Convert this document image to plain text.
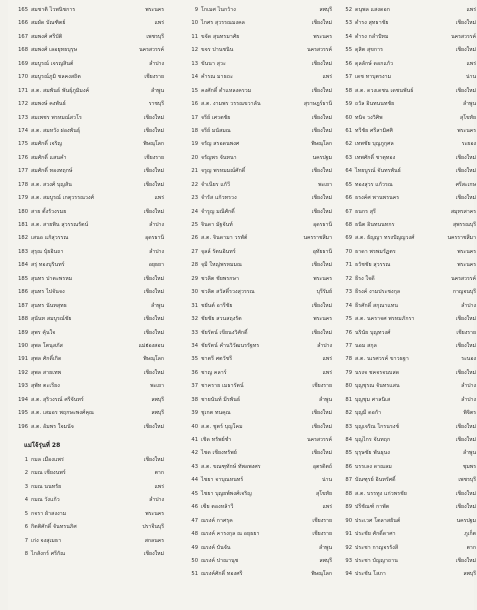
165 สมชาติ ไวพนิชการ	พระนคร
166 สมผัด บัณฑิตย์	แพร่
167 สมพงศ์ ศรีบัติ	เพชรบุรี
168 สมพงศ์ เลอยุทธบุรุษ	นครสวรรค์
169 สมบูรณ์ เจรญสินต์	ลำปาง
170 สมบูรณ์ภูมิ ชลคงสถิต	เชียงราย
171 ส.ต. สมพันธ์ พันธุ์ภูมิมงค์	ลำพูน
172 สมพงษ์ คงพันธ์	ราชบุรี
173 สมเพชร พรหมณ์สวโร	เชียงใหม่
174 ส.ต. สมหวัง ผ่องพันธุ์	เชียงใหม่
175 สมศักดิ์ เจริญ	พิษณุโลก
176 สมศักดิ์ แสนคำ	เชียงราย
177 สมศักดิ์ ทองทฤกษ์	เชียงใหม่
178 ส.ต. สวงศ์ บุญสัน	เชียงใหม่
179 ส.ต. สมบูรณ์ เกตุวรรณวงศ์	แพร่
180 สาย ตั้งรัวงรมย	เชียงใหม่
181 ส.ต. สายพิน สุวรรณรัตน์	ลำปาง
182 เสนอ แก้สุวรรณ	อุดรธานี
183 สุรุณ บุ้ยอินถา	ลำปาง
184 สรุ่ ทองบุรินทร์	อยุธยา
185 สุนทร ปาตะพรหม	เชียงใหม่
186 สุนทร ไปจันจง	เชียงใหม่
187 สุนทร นันทสุทธ	ลำพูน
188 สุนันท สมบูรณ์ชัย	เชียงใหม่
189 สุพร คุ้นใจ	เชียงใหม่
190 สุพล โตนุสภัส	แม่ฮ่องสอน
191 สุพล ศักดิ์เกิด	พิษณุโลก
192 สุพล สายเทพ	เชียงใหม่
193 สุพัท ตะเรียง	พะเยา
194 ส.ต. สุริวงรณ์ ศรีจันทร์	ลพบุรี
195 ส.ต. เสมอร พฤกษะพงศ์คุณ	ลพบุรี
196 ส.ต. อัมพร ใจมนัจ	เชียงใหม่
แม่โจ้รุ่นที่ 28
1 กมล เมืองแพร่	เชียงใหม่
2 กมณ เชียงนพร์	ตาก
3 กมณ นนทรัย	แพร่
4 กมณ วังแก้ว	ลำปาง
5 กจรา ผ้าสงงาม	พระนคร
6 กิตติศักดิ์ จันทรนภิศ	ปราจีนบุรี
7 เก่ง จงสุเมธา	สกลนคร
8 ไกสังกร์ ศรีกัณ	เชียงใหม่
9 โกเมศ ไนกว้าง	ลพบุรี
10 ไกศร สุวรรณมงคล	เชียงใหม่
11 ขจัด สุนทรมาศัย	พระนคร
12 ขจร ปานชนิน	นครสวรรค์
13 ขันนา สุวะ	เชียงใหม่
14 คำรณ มาธถะ	แพร่
15 คงศักดิ์ ดำแหลงครวม	เชียงใหม่
16 ส.ต. งามพร วรรณขวาลัน	สุราษฎร์ธานี
17 จรีย์ เศวตชัย	เชียงใหม่
18 จรีย์ มนัสมณ	เชียงใหม่
19 จรัญ สรอดนพงศ	พิษณุโลก
20 จรัญพร จันทนา	นครปฐม
21 จรูญ พรหมมณ์ศักดิ์	เชียงใหม่
22 จำเนียร แก้วี	พะเยา
23 จำรัส แก้วทรวง	เชียงใหม่
24 จำรูญ มณีศักดิ์	เชียงใหม่
25 จินดา มัฐจันท์	อุดรธานี
26 ส.ต. จินดามา วรพัต์	นครราชสีมา
27 จุลล์ รัตนอินทร์	อุทัยธานี
28 จุมี ใหญ่พรหมมณ	เชียงใหม่
29 ชวลิต ชัยพรกษา	พระนคร
30 ชวลิต สวัสดิ์รวงสุวรรณ	บุรีรัมย์
31 ชยันต์ อารีชัย	เชียงใหม่
32 ชัยชัย สวนสฤงรัต	พระนคร
33 ชัยรัตน์ เขียนงวิศักดิ์	เชียงใหม่
34 ชัยรัตน์ คำนวิวัฒนรรัฐทร	ลำปาง
35 ชาตรี ศตวัชรี	แพร่
36 ชาญ คลาร์	แพร่
37 ชาคราย เมธารัตน์	เชียงราย
38 ชายนันท์ มีรพันธ์	ลำพูน
39 ชูเกต ทนคุณ	เชียงใหม่
40 ส.ต. ชูตร์ บุญโคม	เชียงใหม่
41 เชิด ทรัพย์ชำ	นครสวรรค์
42 ไชด เชียงทรัพย์	เชียงใหม่
43 ส.ต. ขณฑุทักษ์ ทัพอพงศร	อุตรดิตถ์
44 ไชยา จาบุณหนทร์	น่าน
45 ไชยา บุญยพ์พงศ์เจริญ	สุโขทัย
46 เซีย ตองหล้าวี	แพร่
47 ณรงค์ กาศรุค	เชียงราย
48 ณรงค์ คารงกุล ณ อยุธยา	เชียงราย
49 ณรงค์ บันจัน	ลำพูน
50 ณรงค์ ปาณานุช	ลพบุรี
51 ณรงค์ศักดิ์ ทองศรี	พิษณุโลก
52 ดนุพล แสงดอก	แพร่
53 ดำรง สุทธาชัย	เชียงใหม่
54 ดำรง กลำปัทม	นครสวรรค์
55 ดุสิต สุขการ	เชียงใหม่
56 ดุลลักษ์ ดอกแก้ว	แพร่
57 เดช ทาบุตรงาม	น่าน
58 ส.ต. ดวงเดชน เดชนพันธ์	เชียงใหม่
59 ถวัล อินทนนทชัย	ลำพูน
60 ทนิจ วงวิศิพ	สุโขทัย
61 ทวีชัย ศรีสามิศศิ	พระนคร
62 เทพชัย บุญภูกุศล	ระยอง
63 เทพศักดิ์ ชาตุทอง	เชียงใหม่
64 ไทยบูรณ์ จันทรพันธ์	เชียงใหม่
65 ทองสุวร แก้วรณ	ศรีสะเกษ
66 ธรงค์ศ พานพรนคร	เชียงใหม่
67 ธนกร สุรี	สมุทรสาคร
68 ธนิต อินทนนทกร	สุพรรณบุรี
69 ส.ต. ธัญญา ทรงปัญญวงศ์	นครราชสีมา
70 ธาดา พรพมรัฏตร	พระนคร
71 ธวัชชัย สุวรรณ	พระนคร
72 ธีรง ใจดี	นครสวรรค์
73 ธีรงค์ งามประชงกุล	กาญจนบุรี
74 ธีรศักดิ์ สกุณาแทน	ลำปาง
75 ส.ต. นคราจศ พรหมภักรา	เชียงใหม่
76 นรินัย บุญทวงศ์	เชียงราย
77 นอม สกุล	เชียงใหม่
78 ส.ต. นเรศวรค์ ขาวธฐา	ระนอง
79 นรงจ ชคจรจนบสด	เชียงใหม่
80 บุญชุรณ จันทรแสน	ลำปาง
81 บุญชุม ศาลนิเส	ลำปาง
82 บุญมี ดอกัา	พิจิตร
83 บุญเจริณ ไกรนรงช์	เชียงใหม่
84 บุญไกร จันทฤก	เชียงใหม่
85 บุรุษชัย พันธุนง	ลำพูน
86 บรรเลง ดาณลม	ชุมพร
87 บัณฑุรย์ อินทรัศดิ์	เพชรบุรี
88 ส.ต. บรรทูง แก่วพรชัย	เชียงใหม่
89 ปรีชัณฑ์ กาพัต	เชียงใหม่
90 ประเวศ โตลาสยันต์	นครปฐม
91 ประชัย ศักดิ์ดาศา	ภูเก็ต
92 ประชา กาญจรรังสี	ตาก
93 ประชา บัญญาถาน	เชียงใหม่
94 ประชัน โสภา	ลพบุรี
